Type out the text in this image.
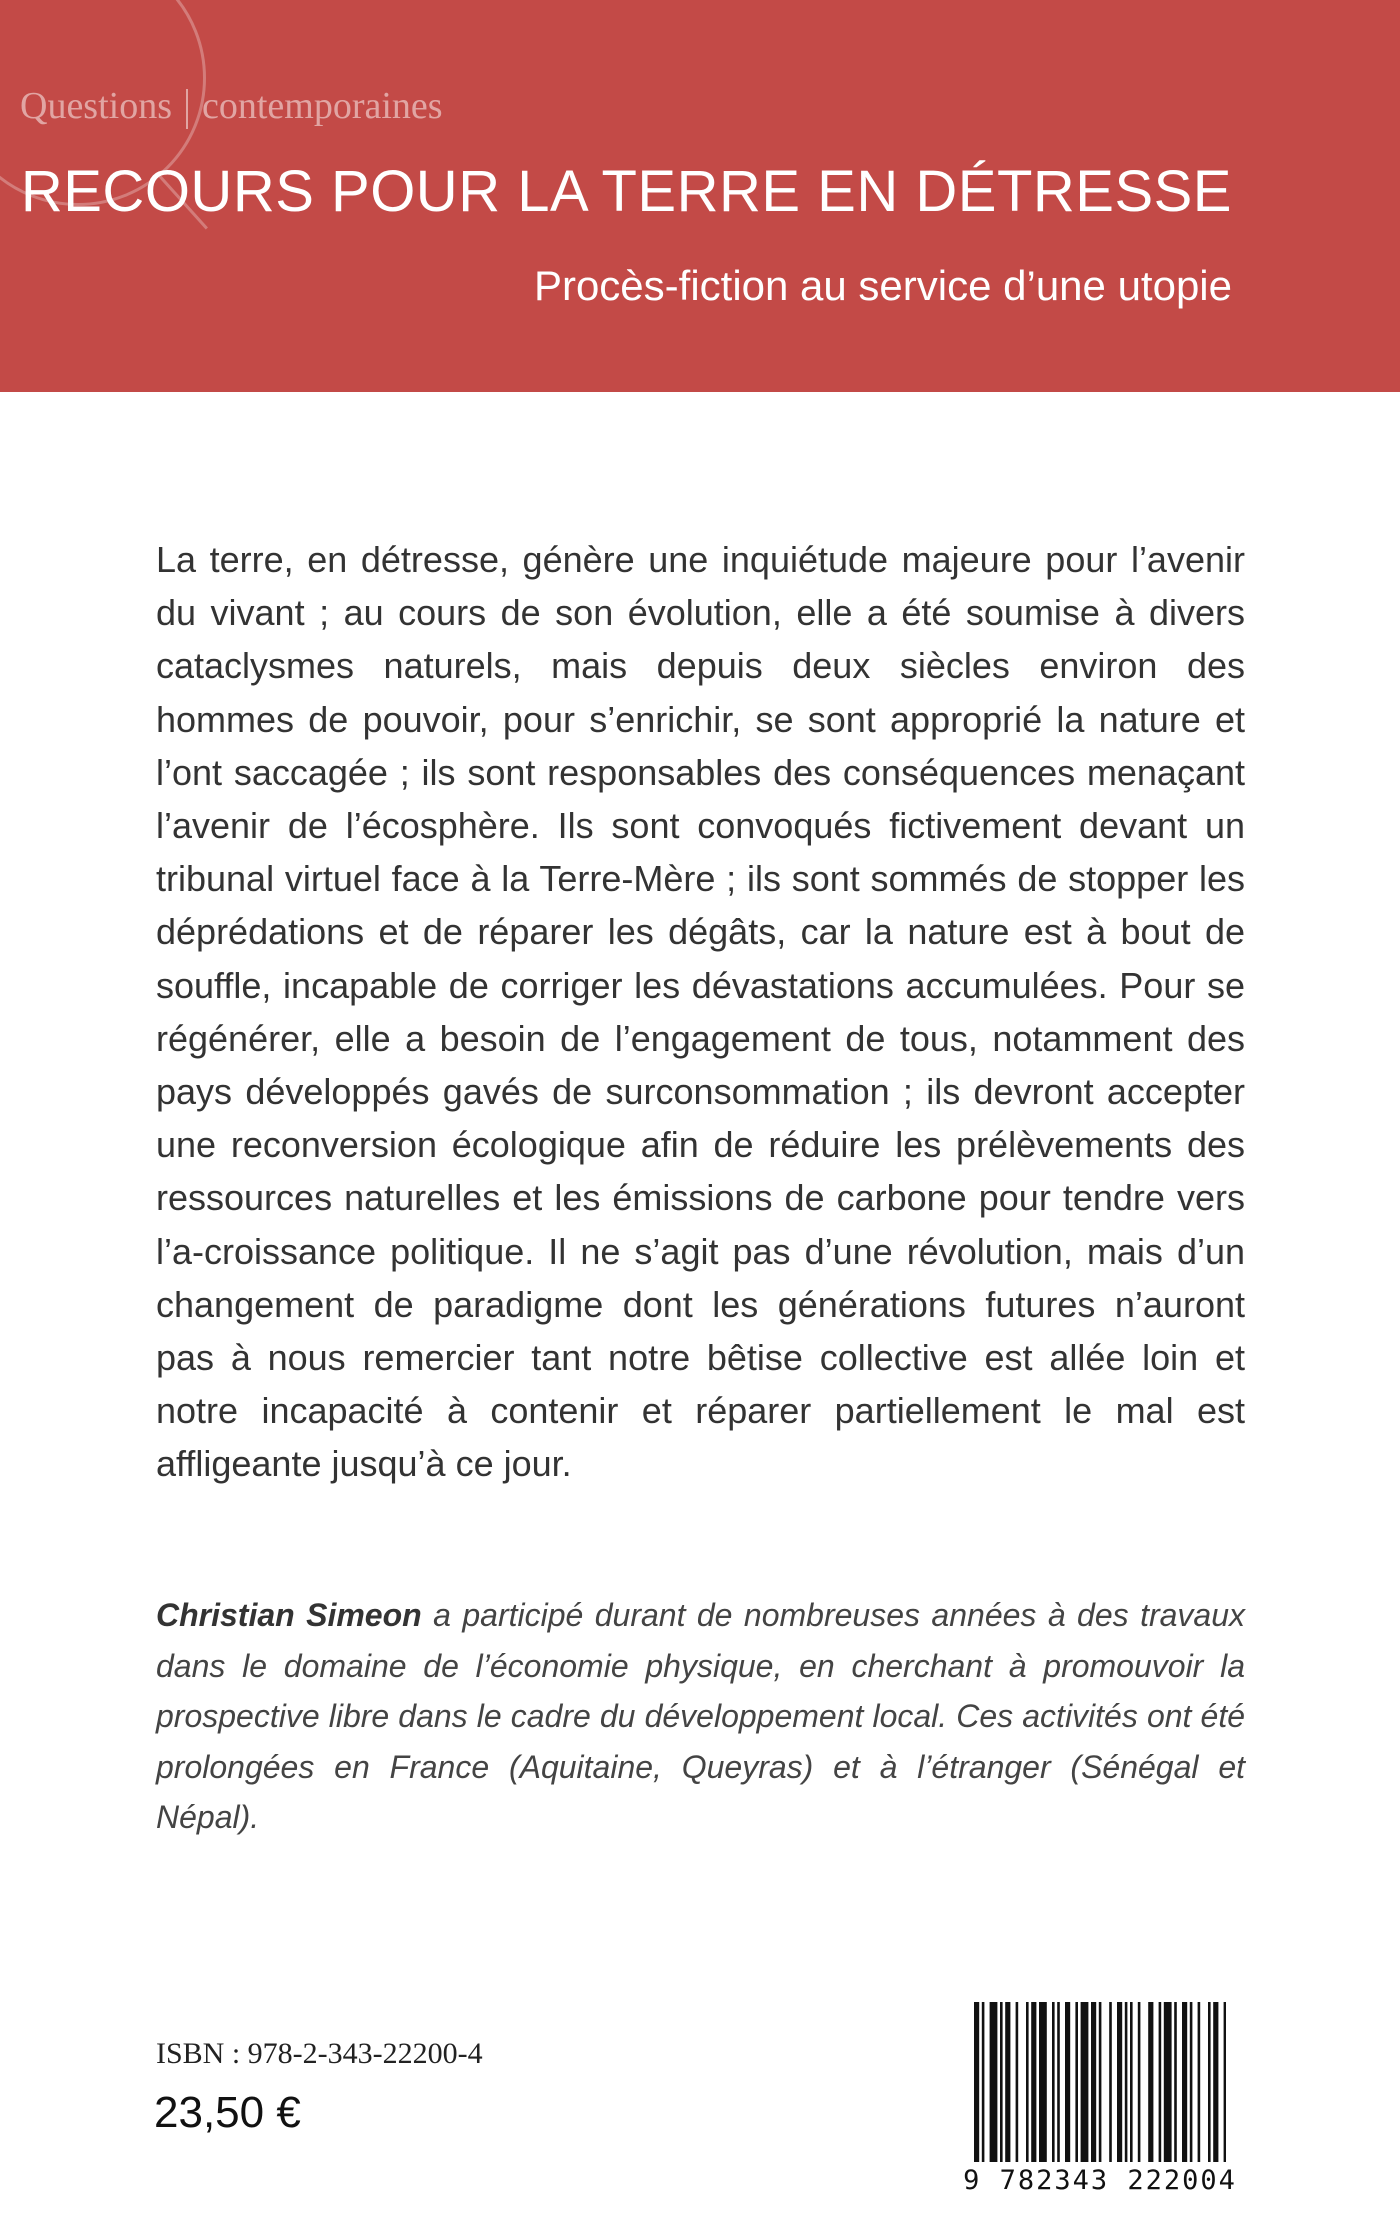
Questions contemporaines
RECOURS POUR LA TERRE EN DÉTRESSE
Procès-fiction au service d’une utopie
La terre, en détresse, génère une inquiétude majeure pour l’avenir du vivant ; au cours de son évolution, elle a été soumise à divers cataclysmes naturels, mais depuis deux siècles environ des hommes de pouvoir, pour s’enrichir, se sont approprié la nature et l’ont saccagée ; ils sont responsables des conséquences menaçant l’avenir de l’écosphère. Ils sont convoqués fictivement devant un tribunal virtuel face à la Terre-Mère ; ils sont sommés de stopper les déprédations et de réparer les dégâts, car la nature est à bout de souffle, incapable de corriger les dévastations accumulées. Pour se régénérer, elle a besoin de l’engagement de tous, notamment des pays développés gavés de surconsommation ; ils devront accepter une reconversion écologique afin de réduire les prélèvements des ressources naturelles et les émissions de carbone pour tendre vers l’a-croissance politique. Il ne s’agit pas d’une révolution, mais d’un changement de paradigme dont les générations futures n’auront pas à nous remercier tant notre bêtise collective est allée loin et notre incapacité à contenir et réparer partiellement le mal est affligeante jusqu’à ce jour.
Christian Simeon a participé durant de nombreuses années à des travaux dans le domaine de l’économie physique, en cherchant à promouvoir la prospective libre dans le cadre du développement local. Ces activités ont été prolongées en France (Aquitaine, Queyras) et à l’étranger (Sénégal et Népal).
ISBN : 978-2-343-22200-4
23,50 €
9 782343 222004
